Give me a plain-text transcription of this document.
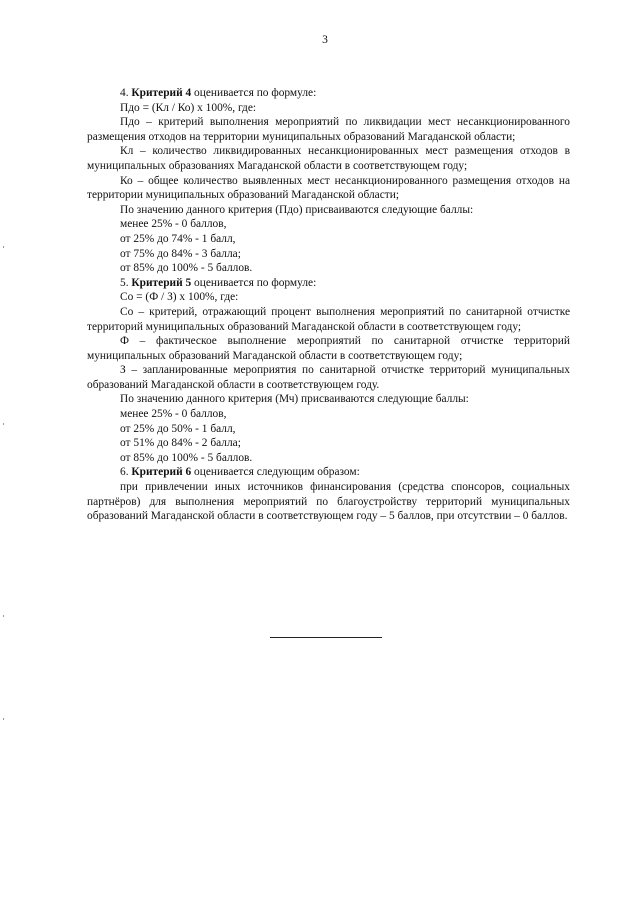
3

4. Критерий 4 оценивается по формуле:

Пдо = (Кл / Ко) х 100%, где:

Пдо – критерий выполнения мероприятий по ликвидации мест несанкционированного размещения отходов на территории муниципальных образований Магаданской области;

Кл – количество ликвидированных несанкционированных мест размещения отходов в муниципальных образованиях Магаданской области в соответствующем году;

Ко – общее количество выявленных мест несанкционированного размещения отходов на территории муниципальных образований Магаданской области;

По значению данного критерия (Пдо) присваиваются следующие баллы:

менее 25% - 0 баллов,

от 25% до 74% - 1 балл,

от 75% до 84% - 3 балла;

от 85% до 100% - 5 баллов.

5. Критерий 5 оценивается по формуле:

Со = (Ф / З) х 100%, где:

Со – критерий, отражающий процент выполнения мероприятий по санитарной отчистке территорий муниципальных образований Магаданской области в соответствующем году;

Ф – фактическое выполнение мероприятий по санитарной отчистке территорий муниципальных образований Магаданской области в соответствующем году;

З – запланированные мероприятия по санитарной отчистке территорий муниципальных образований Магаданской области в соответствующем году.

По значению данного критерия (Мч) присваиваются следующие баллы:

менее 25% - 0 баллов,

от 25% до 50% - 1 балл,

от 51% до 84% - 2 балла;

от 85% до 100% - 5 баллов.

6. Критерий 6 оценивается следующим образом:

при привлечении иных источников финансирования (средства спонсоров, социальных партнёров) для выполнения мероприятий по благоустройству территорий муниципальных образований Магаданской области в соответствующем году – 5 баллов, при отсутствии – 0 баллов.
